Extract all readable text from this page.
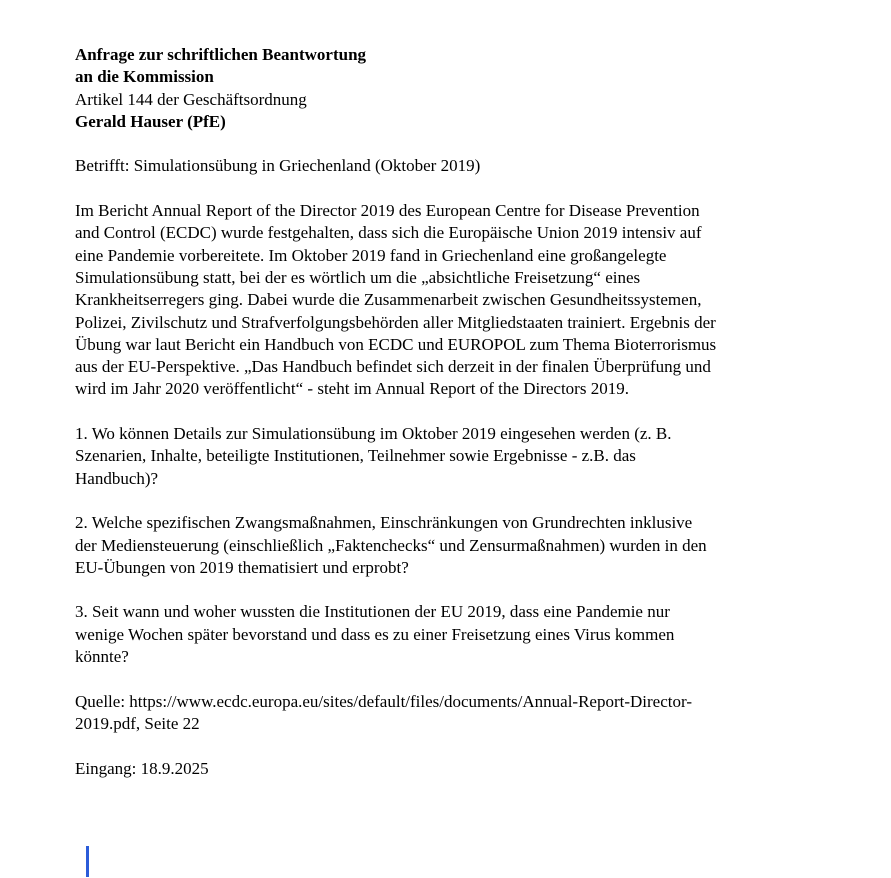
Anfrage zur schriftlichen Beantwortung
an die Kommission
Artikel 144 der Geschäftsordnung
Gerald Hauser (PfE)
Betrifft: Simulationsübung in Griechenland (Oktober 2019)
Im Bericht Annual Report of the Director 2019 des European Centre for Disease Prevention
and Control (ECDC) wurde festgehalten, dass sich die Europäische Union 2019 intensiv auf
eine Pandemie vorbereitete. Im Oktober 2019 fand in Griechenland eine großangelegte
Simulationsübung statt, bei der es wörtlich um die „absichtliche Freisetzung“ eines
Krankheitserregers ging. Dabei wurde die Zusammenarbeit zwischen Gesundheitssystemen,
Polizei, Zivilschutz und Strafverfolgungsbehörden aller Mitgliedstaaten trainiert. Ergebnis der
Übung war laut Bericht ein Handbuch von ECDC und EUROPOL zum Thema Bioterrorismus
aus der EU-Perspektive. „Das Handbuch befindet sich derzeit in der finalen Überprüfung und
wird im Jahr 2020 veröffentlicht“ - steht im Annual Report of the Directors 2019.
1. Wo können Details zur Simulationsübung im Oktober 2019 eingesehen werden (z. B.
Szenarien, Inhalte, beteiligte Institutionen, Teilnehmer sowie Ergebnisse - z.B. das
Handbuch)?
2. Welche spezifischen Zwangsmaßnahmen, Einschränkungen von Grundrechten inklusive
der Mediensteuerung (einschließlich „Faktenchecks“ und Zensurmaßnahmen) wurden in den
EU-Übungen von 2019 thematisiert und erprobt?
3. Seit wann und woher wussten die Institutionen der EU 2019, dass eine Pandemie nur
wenige Wochen später bevorstand und dass es zu einer Freisetzung eines Virus kommen
könnte?
Quelle: https://www.ecdc.europa.eu/sites/default/files/documents/Annual-Report-Director-
2019.pdf, Seite 22
Eingang: 18.9.2025
